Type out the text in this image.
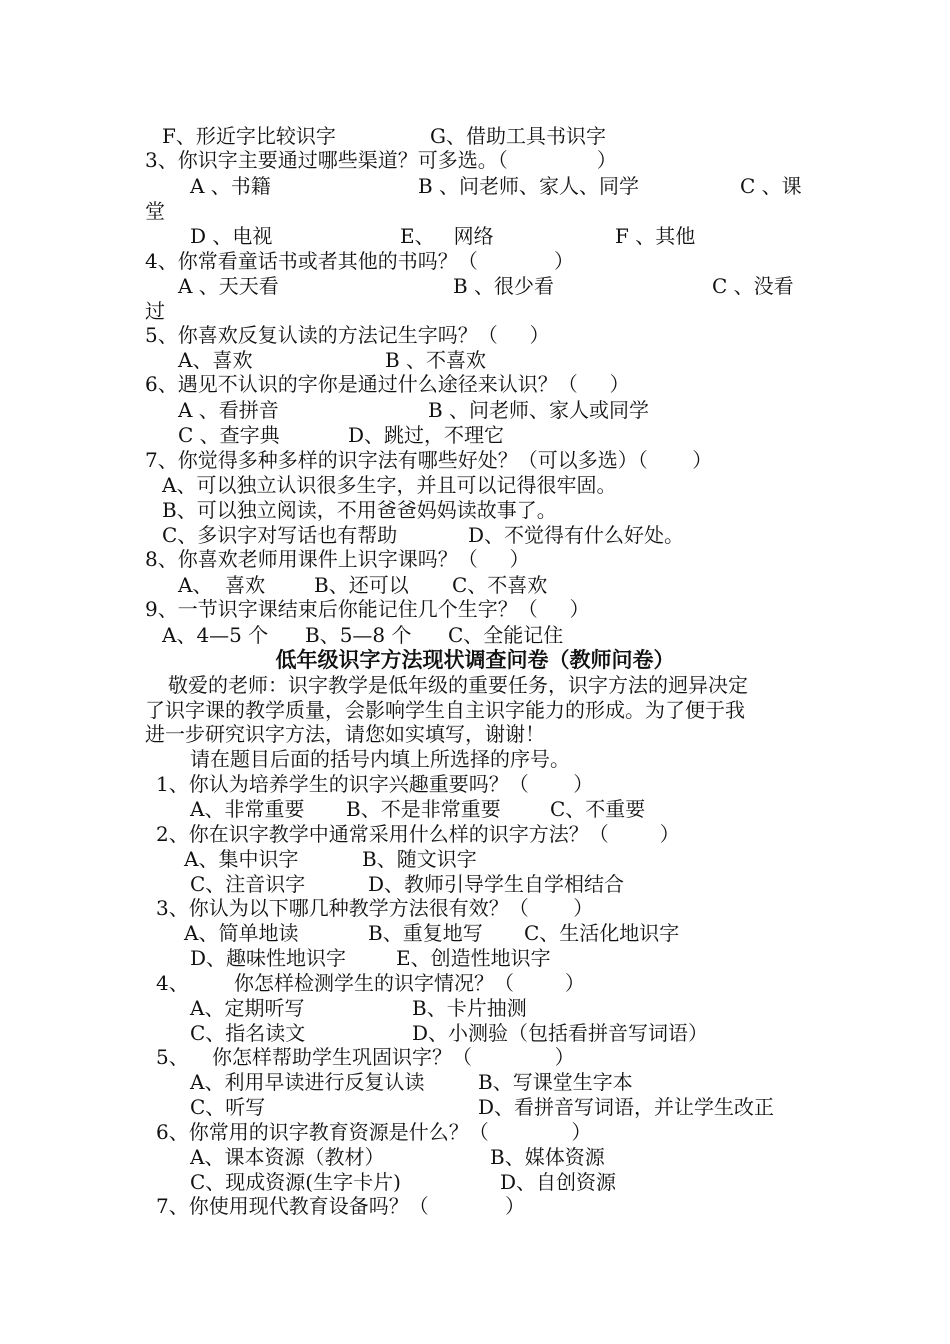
F、形近字比较识字	G、借助工具书识字
3、你识字主要通过哪些渠道？可多选。（              ）
A 、书籍	B 、问老师、家人、同学	C 、课
堂
D 、电视	E、   网络	F 、其他
4、你常看童话书或者其他的书吗？（            ）
A 、天天看	B 、很少看	C 、没看
过
5、你喜欢反复认读的方法记生字吗？（     ）
A、喜欢	B 、不喜欢
6、遇见不认识的字你是通过什么途径来认识？（     ）
A 、看拼音	B 、问老师、家人或同学
C 、查字典	D、跳过，不理它
7、你觉得多种多样的识字法有哪些好处？（可以多选）（       ）
A、可以独立认识很多生字，并且可以记得很牢固。
B、可以独立阅读，不用爸爸妈妈读故事了。
C、多识字对写话也有帮助	D、不觉得有什么好处。
8、你喜欢老师用课件上识字课吗？（     ）
A、  喜欢 B、还可以 C、不喜欢
9、一节识字课结束后你能记住几个生字？（     ）
A、4—5 个 B、5—8 个 C、全能记住
低年级识字方法现状调查问卷（教师问卷）
敬爱的老师：识字教学是低年级的重要任务，识字方法的迥异决定
了识字课的教学质量，会影响学生自主识字能力的形成。为了便于我
进一步研究识字方法，请您如实填写，谢谢！
请在题目后面的括号内填上所选择的序号。
1、你认为培养学生的识字兴趣重要吗？（       ）
A、非常重要 B、不是非常重要 C、不重要
2、你在识字教学中通常采用什么样的识字方法？（        ）
A、集中识字	B、随文识字
C、注音识字	D、教师引导学生自学相结合
3、你认为以下哪几种教学方法很有效？（       ）
A、简单地读	B、重复地写 C、生活化地识字
D、趣味性地识字 E、创造性地识字
4、 你怎样检测学生的识字情况？（        ）
A、定期听写	B、卡片抽测
C、指名读文	D、小测验（包括看拼音写词语）
5、 你怎样帮助学生巩固识字？（             ）
A、利用早读进行反复认读	B、写课堂生字本
C、听写	D、看拼音写词语，并让学生改正
6、你常用的识字教育资源是什么？（             ）
A、课本资源（教材）	B、媒体资源
C、现成资源(生字卡片)	D、自创资源
7、你使用现代教育设备吗？（            ）
